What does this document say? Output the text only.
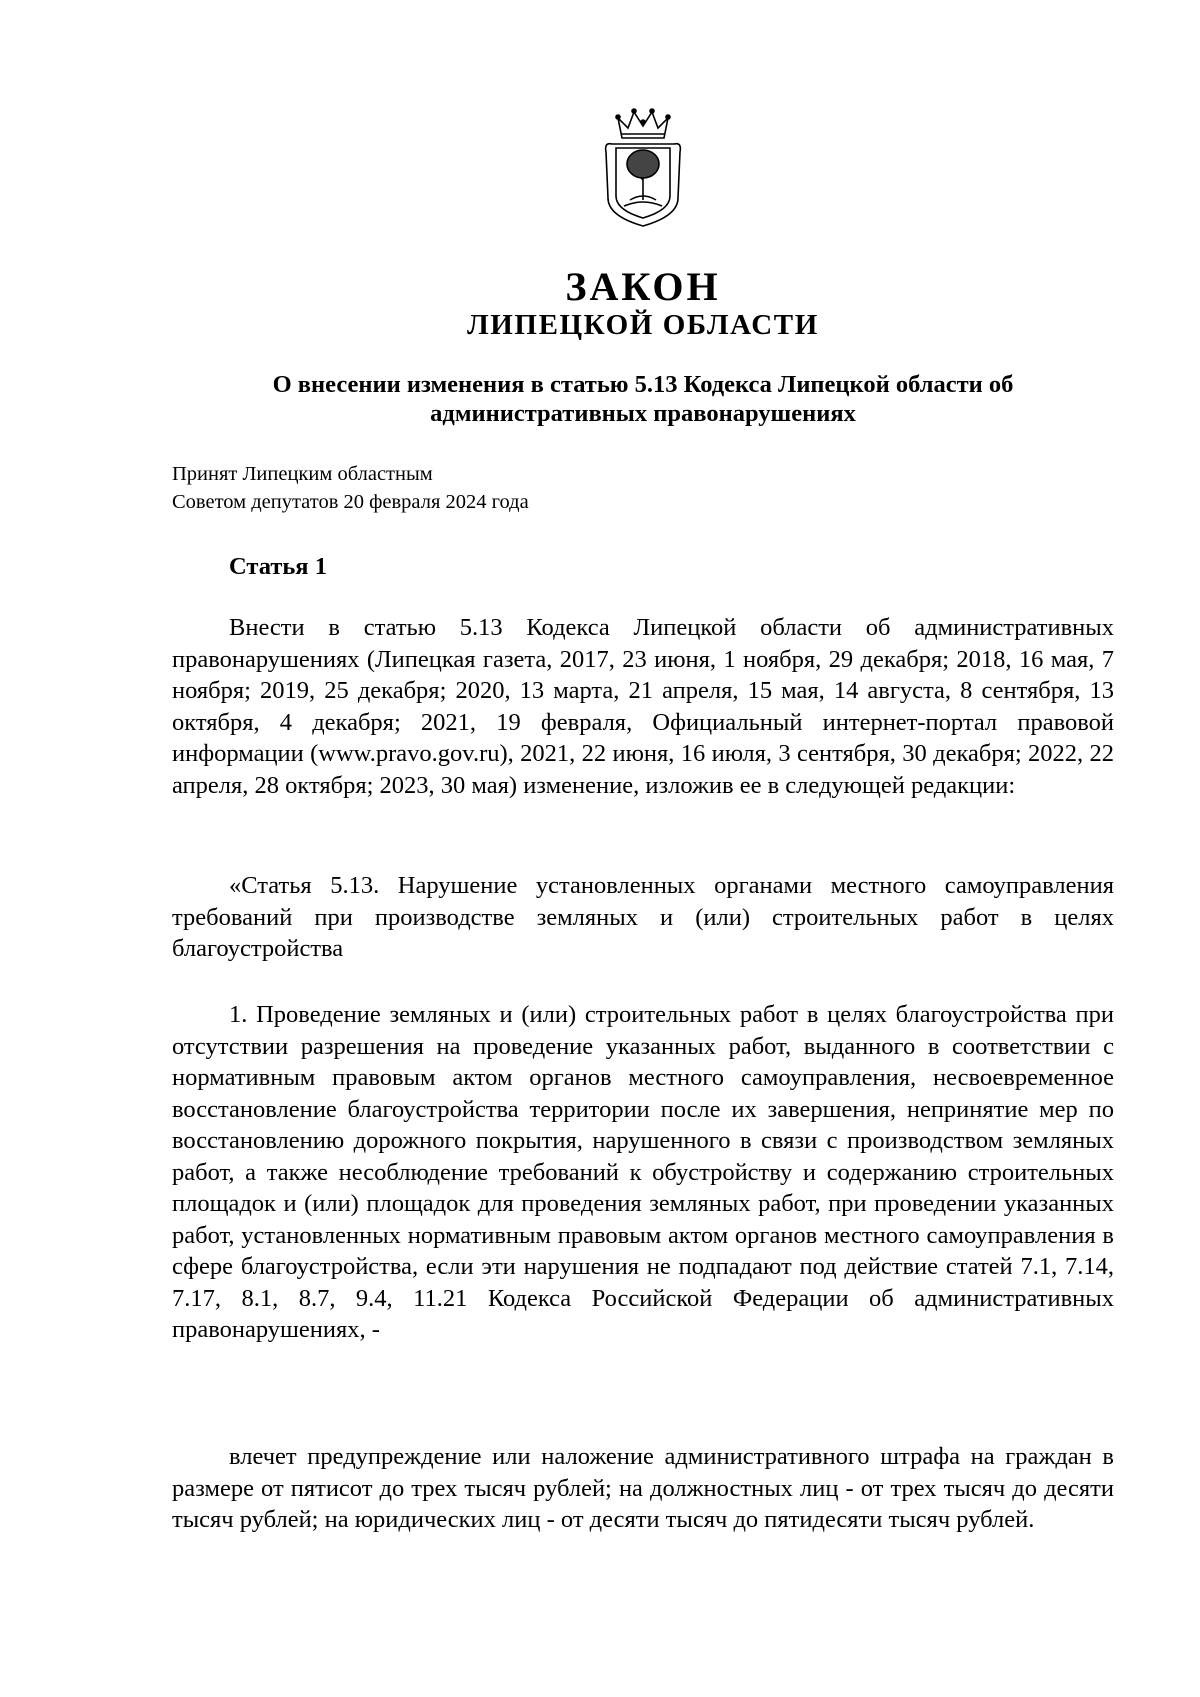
ЗАКОН
ЛИПЕЦКОЙ ОБЛАСТИ
О внесении изменения в статью 5.13 Кодекса Липецкой области об
административных правонарушениях
Принят Липецким областным
Советом депутатов 20 февраля 2024 года
Статья 1

Внести в статью 5.13 Кодекса Липецкой области об административных правонарушениях (Липецкая газета, 2017, 23 июня, 1 ноября, 29 декабря; 2018, 16 мая, 7 ноября; 2019, 25 декабря; 2020, 13 марта, 21 апреля, 15 мая, 14 августа, 8 сентября, 13 октября, 4 декабря; 2021, 19 февраля, Официальный интернет-портал правовой информации (www.pravo.gov.ru), 2021, 22 июня, 16 июля, 3 сентября, 30 декабря; 2022, 22 апреля, 28 октября; 2023, 30 мая) изменение, изложив ее в следующей редакции:

«Статья 5.13. Нарушение установленных органами местного самоуправления требований при производстве земляных и (или) строительных работ в целях благоустройства

1. Проведение земляных и (или) строительных работ в целях благоустройства при отсутствии разрешения на проведение указанных работ, выданного в соответствии с нормативным правовым актом органов местного самоуправления, несвоевременное восстановление благоустройства территории после их завершения, непринятие мер по восстановлению дорожного покрытия, нарушенного в связи с производством земляных работ, а также несоблюдение требований к обустройству и содержанию строительных площадок и (или) площадок для проведения земляных работ, при проведении указанных работ, установленных нормативным правовым актом органов местного самоуправления в сфере благоустройства, если эти нарушения не подпадают под действие статей 7.1, 7.14, 7.17, 8.1, 8.7, 9.4, 11.21 Кодекса Российской Федерации об административных правонарушениях, -

влечет предупреждение или наложение административного штрафа на граждан в размере от пятисот до трех тысяч рублей; на должностных лиц - от трех тысяч до десяти тысяч рублей; на юридических лиц - от десяти тысяч до пятидесяти тысяч рублей.
